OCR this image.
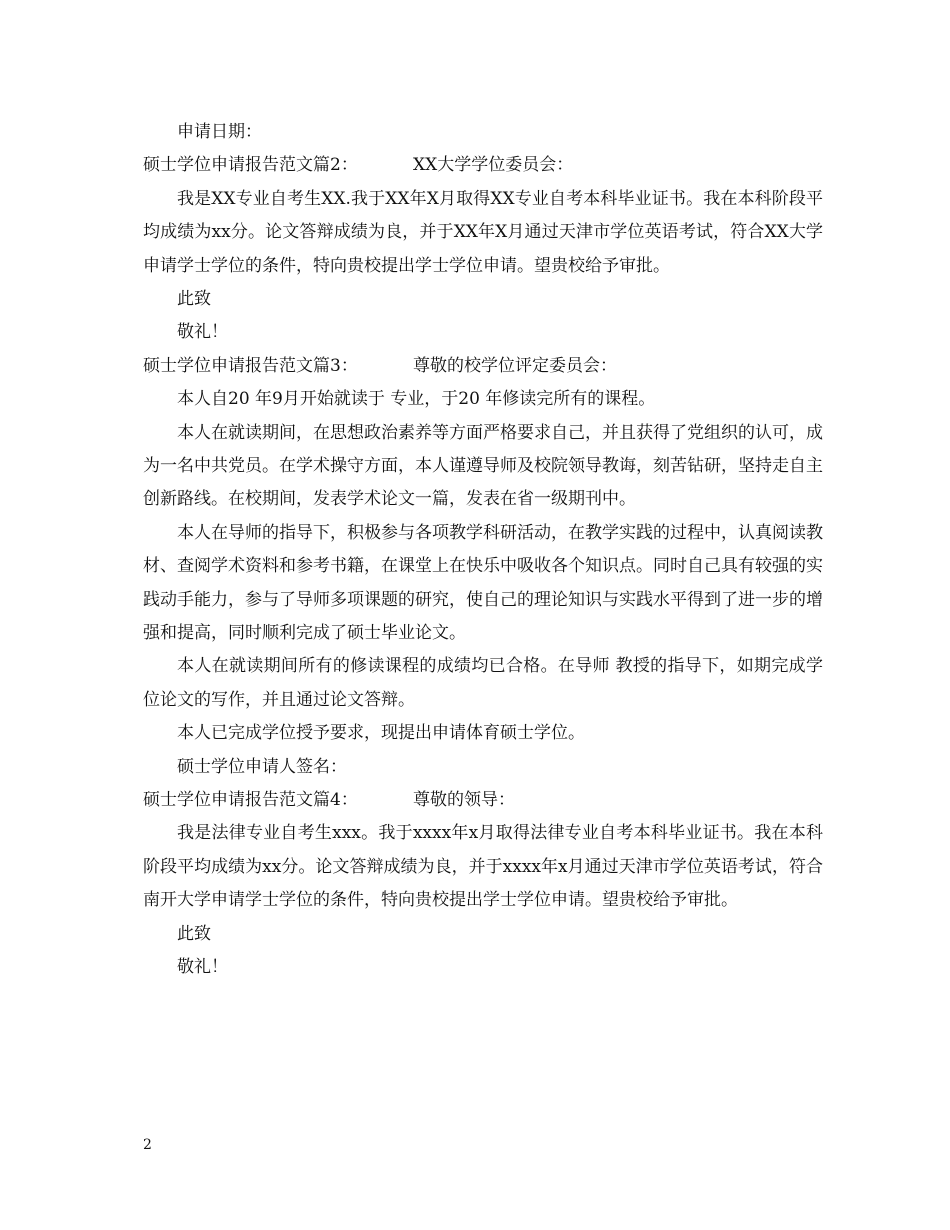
申请日期：
硕士学位申请报告范文篇2：	XX大学学位委员会：

我是XX专业自考生XX.我于XX年X月取得XX专业自考本科毕业证书。我在本科阶段平均成绩为xx分。论文答辩成绩为良，并于XX年X月通过天津市学位英语考试，符合XX大学申请学士学位的条件，特向贵校提出学士学位申请。望贵校给予审批。

此致
敬礼！
硕士学位申请报告范文篇3：	尊敬的校学位评定委员会：

本人自20 年9月开始就读于 专业，于20 年修读完所有的课程。

本人在就读期间，在思想政治素养等方面严格要求自己，并且获得了党组织的认可，成为一名中共党员。在学术操守方面，本人谨遵导师及校院领导教诲，刻苦钻研，坚持走自主创新路线。在校期间，发表学术论文一篇，发表在省一级期刊中。

本人在导师的指导下，积极参与各项教学科研活动，在教学实践的过程中，认真阅读教材、查阅学术资料和参考书籍，在课堂上在快乐中吸收各个知识点。同时自己具有较强的实践动手能力，参与了导师多项课题的研究，使自己的理论知识与实践水平得到了进一步的增强和提高，同时顺利完成了硕士毕业论文。

本人在就读期间所有的修读课程的成绩均已合格。在导师 教授的指导下，如期完成学位论文的写作，并且通过论文答辩。

本人已完成学位授予要求，现提出申请体育硕士学位。

硕士学位申请人签名：
硕士学位申请报告范文篇4：	尊敬的领导：

我是法律专业自考生xxx。我于xxxx年x月取得法律专业自考本科毕业证书。我在本科阶段平均成绩为xx分。论文答辩成绩为良，并于xxxx年x月通过天津市学位英语考试，符合南开大学申请学士学位的条件，特向贵校提出学士学位申请。望贵校给予审批。

此致
敬礼！
2
